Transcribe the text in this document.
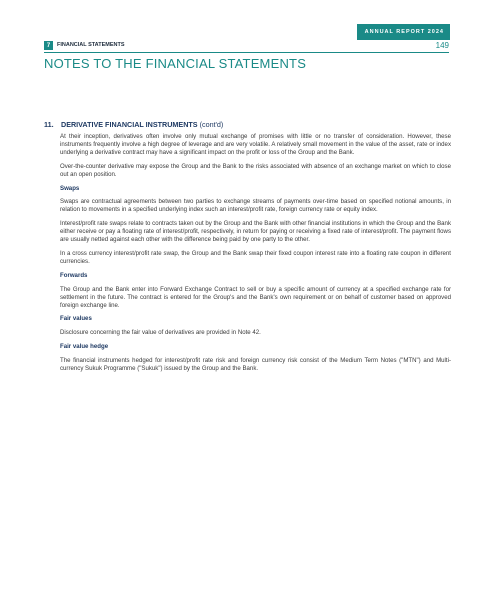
ANNUAL REPORT 2024
7	FINANCIAL STATEMENTS	149
NOTES TO THE FINANCIAL STATEMENTS
11. DERIVATIVE FINANCIAL INSTRUMENTS (cont'd)

At their inception, derivatives often involve only mutual exchange of promises with little or no transfer of consideration. However, these instruments frequently involve a high degree of leverage and are very volatile. A relatively small movement in the value of the asset, rate or index underlying a derivative contract may have a significant impact on the profit or loss of the Group and the Bank.

Over-the-counter derivative may expose the Group and the Bank to the risks associated with absence of an exchange market on which to close out an open position.

Swaps

Swaps are contractual agreements between two parties to exchange streams of payments over-time based on specified notional amounts, in relation to movements in a specified underlying index such an interest/profit rate, foreign currency rate or equity index.

Interest/profit rate swaps relate to contracts taken out by the Group and the Bank with other financial institutions in which the Group and the Bank either receive or pay a floating rate of interest/profit, respectively, in return for paying or receiving a fixed rate of interest/profit. The payment flows are usually netted against each other with the difference being paid by one party to the other.

In a cross currency interest/profit rate swap, the Group and the Bank swap their fixed coupon interest rate into a floating rate coupon in different currencies.

Forwards

The Group and the Bank enter into Forward Exchange Contract to sell or buy a specific amount of currency at a specified exchange rate for settlement in the future. The contract is entered for the Group's and the Bank's own requirement or on behalf of customer based on approved foreign exchange line.

Fair values

Disclosure concerning the fair value of derivatives are provided in Note 42.

Fair value hedge

The financial instruments hedged for interest/profit rate risk and foreign currency risk consist of the Medium Term Notes ("MTN") and Multi-currency Sukuk Programme ("Sukuk") issued by the Group and the Bank.
